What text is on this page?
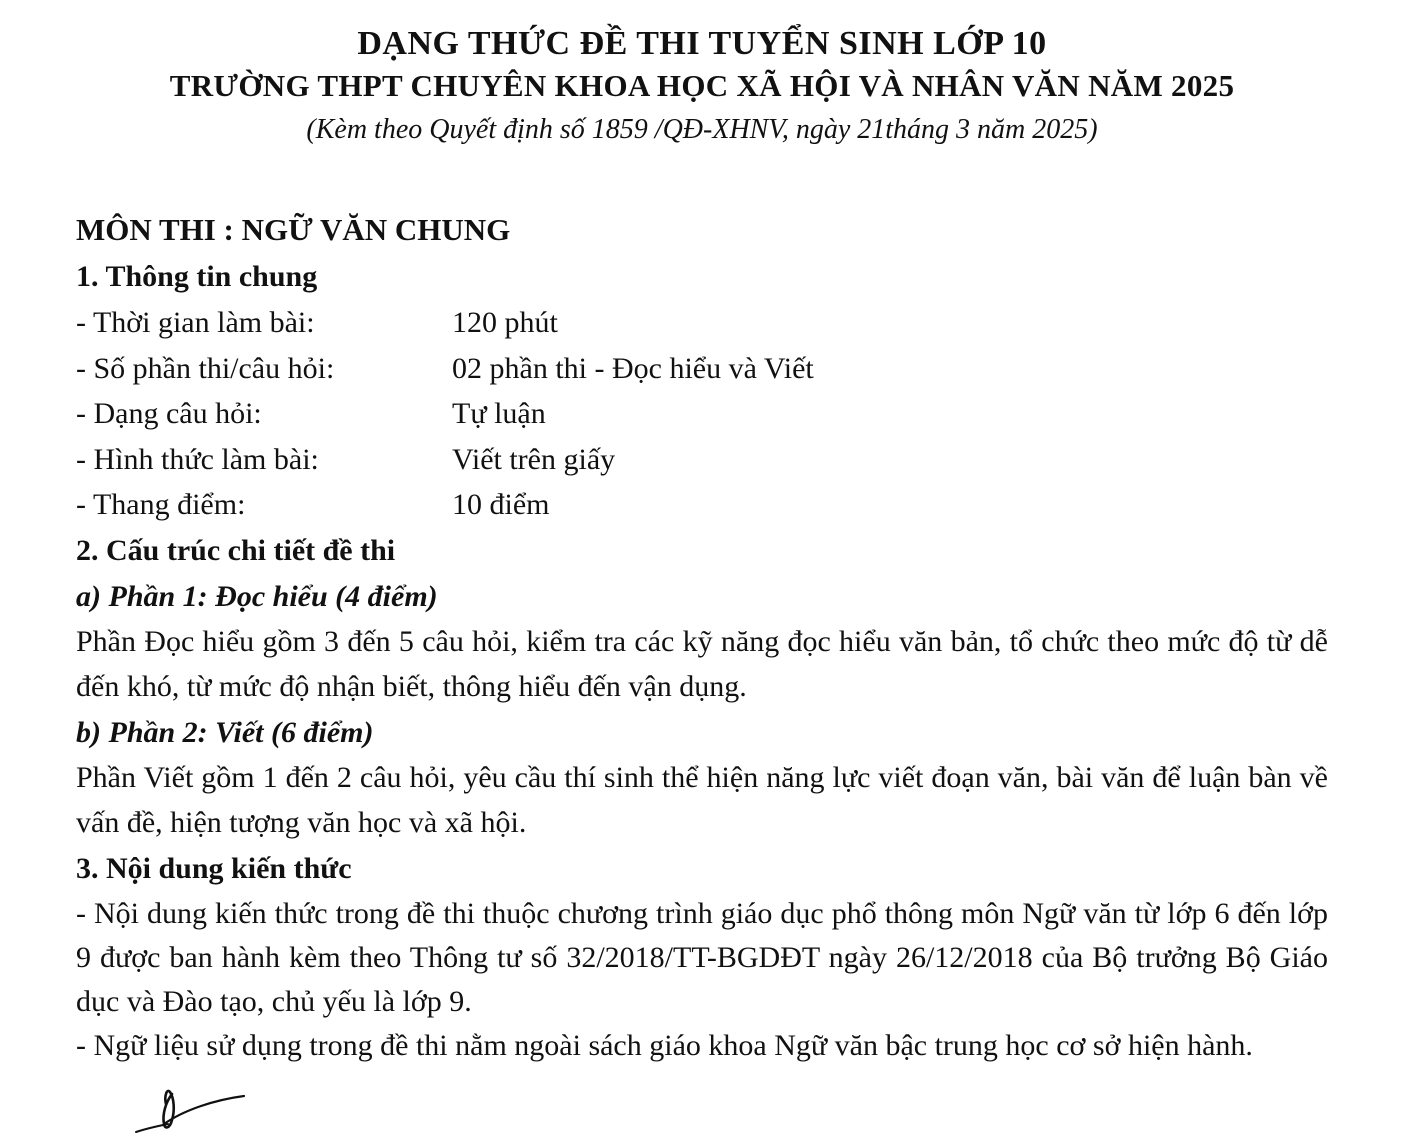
DẠNG THỨC ĐỀ THI TUYỂN SINH LỚP 10
TRƯỜNG THPT CHUYÊN KHOA HỌC XÃ HỘI VÀ NHÂN VĂN NĂM 2025
(Kèm theo Quyết định số 1859 /QĐ-XHNV, ngày 21tháng 3 năm 2025)
MÔN THI : NGỮ VĂN CHUNG
1. Thông tin chung
- Thời gian làm bài:	120 phút
- Số phần thi/câu hỏi:	02 phần thi - Đọc hiểu và Viết
- Dạng câu hỏi:	Tự luận
- Hình thức làm bài:	Viết trên giấy
- Thang điểm:	10 điểm
2. Cấu trúc chi tiết đề thi
a) Phần 1: Đọc hiểu (4 điểm)

Phần Đọc hiểu gồm 3 đến 5 câu hỏi, kiểm tra các kỹ năng đọc hiểu văn bản, tổ chức theo mức độ từ dễ đến khó, từ mức độ nhận biết, thông hiểu đến vận dụng.

b) Phần 2: Viết (6 điểm)

Phần Viết gồm 1 đến 2 câu hỏi, yêu cầu thí sinh thể hiện năng lực viết đoạn văn, bài văn để luận bàn về vấn đề, hiện tượng văn học và xã hội.

3. Nội dung kiến thức

- Nội dung kiến thức trong đề thi thuộc chương trình giáo dục phổ thông môn Ngữ văn từ lớp 6 đến lớp 9 được ban hành kèm theo Thông tư số 32/2018/TT-BGDĐT ngày 26/12/2018 của Bộ trưởng Bộ Giáo dục và Đào tạo, chủ yếu là lớp 9.

- Ngữ liệu sử dụng trong đề thi nằm ngoài sách giáo khoa Ngữ văn bậc trung học cơ sở hiện hành.
